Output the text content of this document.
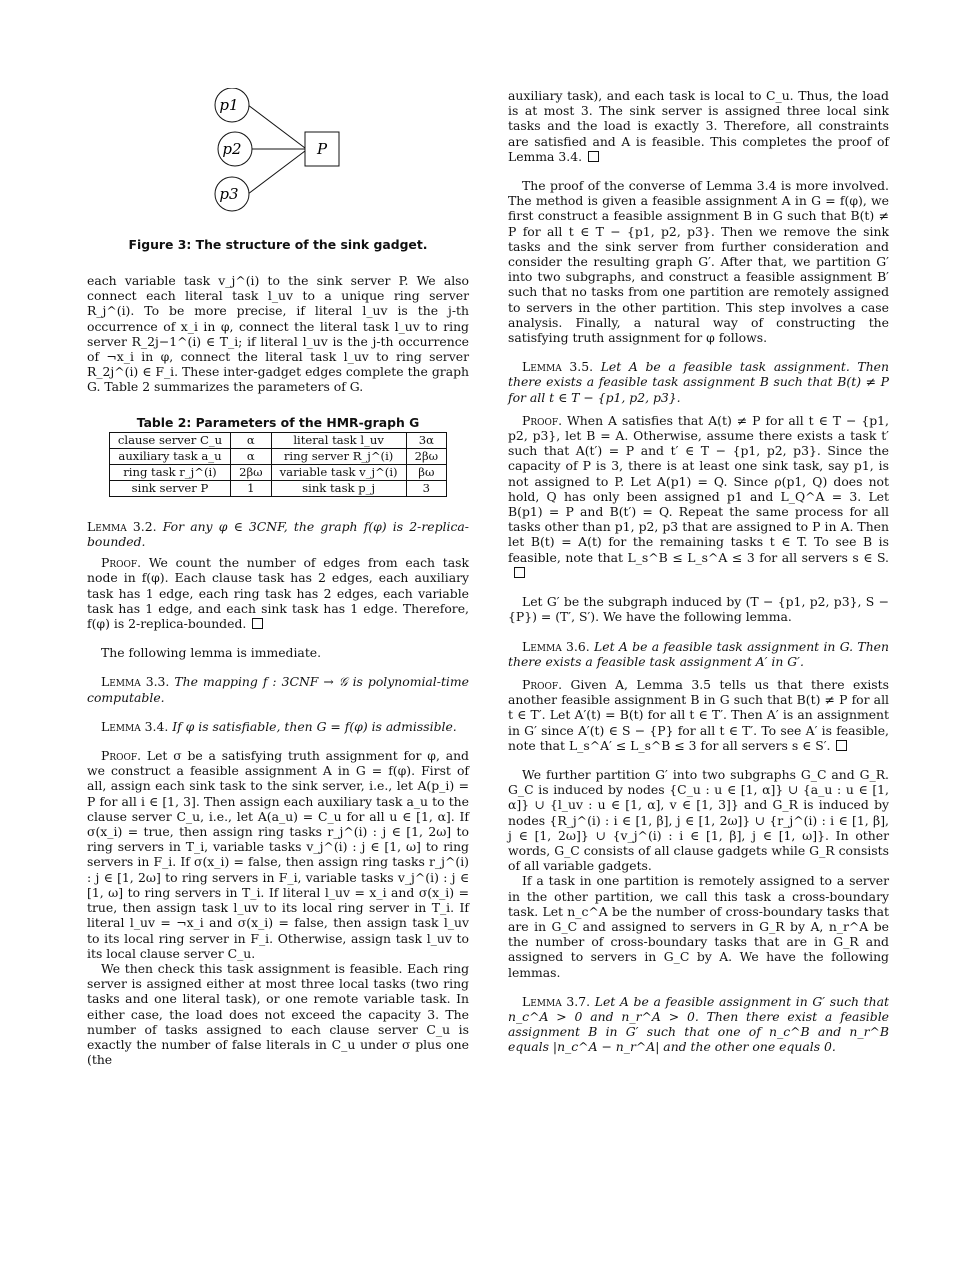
p1
p2
p3
P

Figure 3: The structure of the sink gadget.

each variable task v_j^(i) to the sink server P. We also connect each literal task l_uv to a unique ring server R_j^(i). To be more precise, if literal l_uv is the j-th occurrence of x_i in φ, connect the literal task l_uv to ring server R_2j−1^(i) ∈ T_i; if literal l_uv is the j-th occurrence of ¬x_i in φ, connect the literal task l_uv to ring server R_2j^(i) ∈ F_i. These inter-gadget edges complete the graph G. Table 2 summarizes the parameters of G.

Table 2: Parameters of the HMR-graph G

clause server C_u	α	literal task l_uv	3α
auxiliary task a_u	α	ring server R_j^(i)	2βω
ring task r_j^(i)	2βω	variable task v_j^(i)	βω
sink server P	1	sink task p_j	3

Lemma 3.2. For any φ ∈ 3CNF, the graph f(φ) is 2-replica-bounded.

Proof. We count the number of edges from each task node in f(φ). Each clause task has 2 edges, each auxiliary task has 1 edge, each ring task has 2 edges, each variable task has 1 edge, and each sink task has 1 edge. Therefore, f(φ) is 2-replica-bounded.

The following lemma is immediate.

Lemma 3.3. The mapping f : 3CNF → 𝒢 is polynomial-time computable.

Lemma 3.4. If φ is satisfiable, then G = f(φ) is admissible.

Proof. Let σ be a satisfying truth assignment for φ, and we construct a feasible assignment A in G = f(φ). First of all, assign each sink task to the sink server, i.e., let A(p_i) = P for all i ∈ [1, 3]. Then assign each auxiliary task a_u to the clause server C_u, i.e., let A(a_u) = C_u for all u ∈ [1, α]. If σ(x_i) = true, then assign ring tasks r_j^(i) : j ∈ [1, 2ω] to ring servers in T_i, variable tasks v_j^(i) : j ∈ [1, ω] to ring servers in F_i. If σ(x_i) = false, then assign ring tasks r_j^(i) : j ∈ [1, 2ω] to ring servers in F_i, variable tasks v_j^(i) : j ∈ [1, ω] to ring servers in T_i. If literal l_uv = x_i and σ(x_i) = true, then assign task l_uv to its local ring server in T_i. If literal l_uv = ¬x_i and σ(x_i) = false, then assign task l_uv to its local ring server in F_i. Otherwise, assign task l_uv to its local clause server C_u.

We then check this task assignment is feasible. Each ring server is assigned either at most three local tasks (two ring tasks and one literal task), or one remote variable task. In either case, the load does not exceed the capacity 3. The number of tasks assigned to each clause server C_u is exactly the number of false literals in C_u under σ plus one (the

auxiliary task), and each task is local to C_u. Thus, the load is at most 3. The sink server is assigned three local sink tasks and the load is exactly 3. Therefore, all constraints are satisfied and A is feasible. This completes the proof of Lemma 3.4.

The proof of the converse of Lemma 3.4 is more involved. The method is given a feasible assignment A in G = f(φ), we first construct a feasible assignment B in G such that B(t) ≠ P for all t ∈ T − {p1, p2, p3}. Then we remove the sink tasks and the sink server from further consideration and consider the resulting graph G′. After that, we partition G′ into two subgraphs, and construct a feasible assignment B′ such that no tasks from one partition are remotely assigned to servers in the other partition. This step involves a case analysis. Finally, a natural way of constructing the satisfying truth assignment for φ follows.

Lemma 3.5. Let A be a feasible task assignment. Then there exists a feasible task assignment B such that B(t) ≠ P for all t ∈ T − {p1, p2, p3}.

Proof. When A satisfies that A(t) ≠ P for all t ∈ T − {p1, p2, p3}, let B = A. Otherwise, assume there exists a task t′ such that A(t′) = P and t′ ∈ T − {p1, p2, p3}. Since the capacity of P is 3, there is at least one sink task, say p1, is not assigned to P. Let A(p1) = Q. Since ρ(p1, Q) does not hold, Q has only been assigned p1 and L_Q^A = 3. Let B(p1) = P and B(t′) = Q. Repeat the same process for all tasks other than p1, p2, p3 that are assigned to P in A. Then let B(t) = A(t) for the remaining tasks t ∈ T. To see B is feasible, note that L_s^B ≤ L_s^A ≤ 3 for all servers s ∈ S.

Let G′ be the subgraph induced by (T − {p1, p2, p3}, S − {P}) = (T′, S′). We have the following lemma.

Lemma 3.6. Let A be a feasible task assignment in G. Then there exists a feasible task assignment A′ in G′.

Proof. Given A, Lemma 3.5 tells us that there exists another feasible assignment B in G such that B(t) ≠ P for all t ∈ T′. Let A′(t) = B(t) for all t ∈ T′. Then A′ is an assignment in G′ since A′(t) ∈ S − {P} for all t ∈ T′. To see A′ is feasible, note that L_s^A′ ≤ L_s^B ≤ 3 for all servers s ∈ S′.

We further partition G′ into two subgraphs G_C and G_R. G_C is induced by nodes {C_u : u ∈ [1, α]} ∪ {a_u : u ∈ [1, α]} ∪ {l_uv : u ∈ [1, α], v ∈ [1, 3]} and G_R is induced by nodes {R_j^(i) : i ∈ [1, β], j ∈ [1, 2ω]} ∪ {r_j^(i) : i ∈ [1, β], j ∈ [1, 2ω]} ∪ {v_j^(i) : i ∈ [1, β], j ∈ [1, ω]}. In other words, G_C consists of all clause gadgets while G_R consists of all variable gadgets.

If a task in one partition is remotely assigned to a server in the other partition, we call this task a cross-boundary task. Let n_c^A be the number of cross-boundary tasks that are in G_C and assigned to servers in G_R by A, n_r^A be the number of cross-boundary tasks that are in G_R and assigned to servers in G_C by A. We have the following lemmas.

Lemma 3.7. Let A be a feasible assignment in G′ such that n_c^A > 0 and n_r^A > 0. Then there exist a feasible assignment B in G′ such that one of n_c^B and n_r^B equals |n_c^A − n_r^A| and the other one equals 0.
